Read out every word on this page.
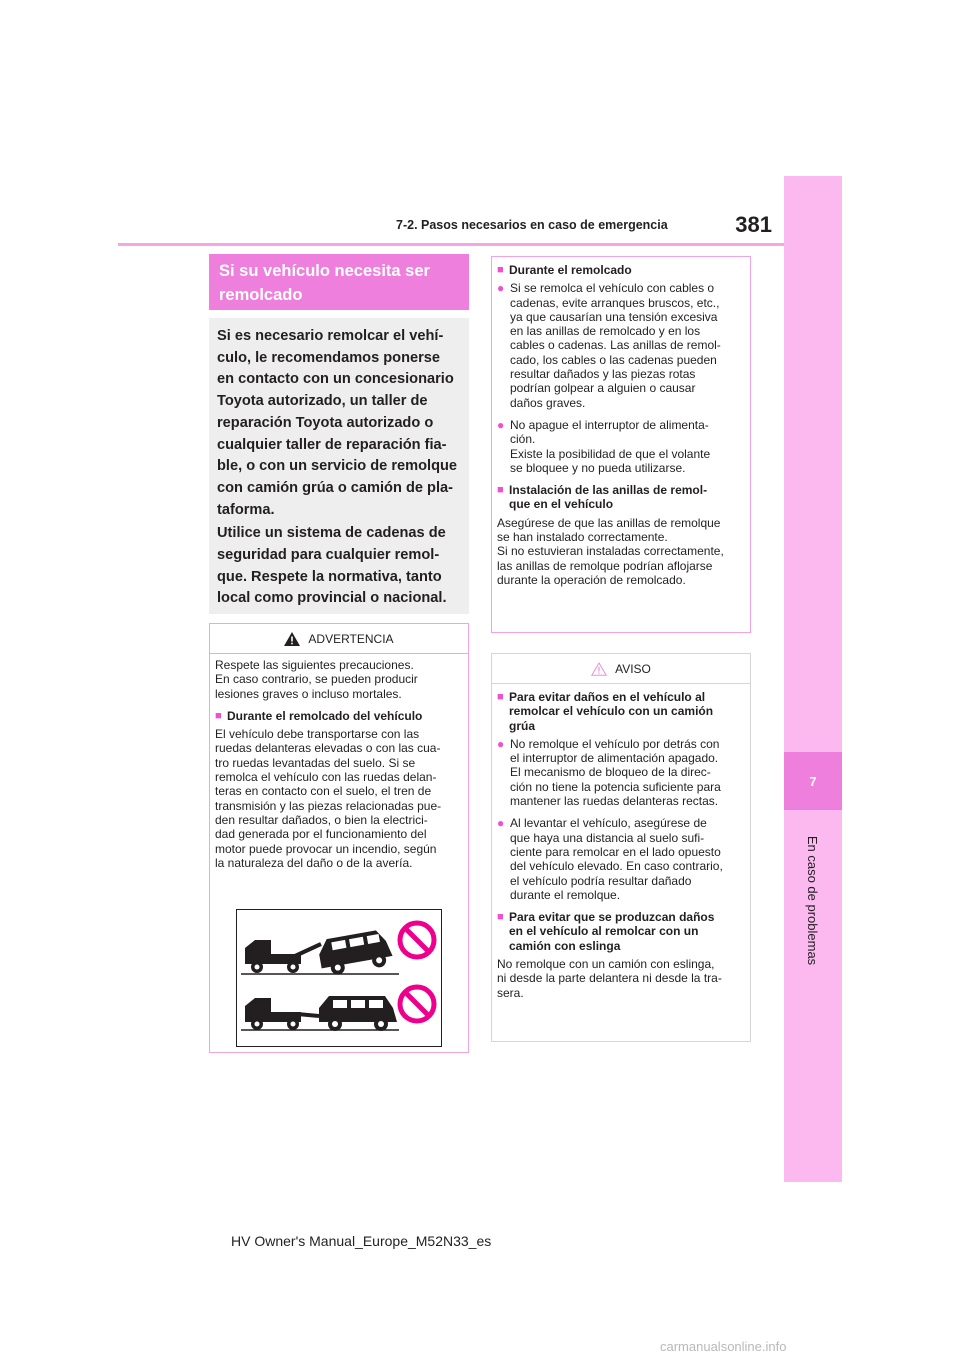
7-2. Pasos necesarios en caso de emergencia	381
7
En caso de problemas
Si su vehículo necesita ser remolcado

Si es necesario remolcar el vehí-
culo, le recomendamos ponerse
en contacto con un concesionario
Toyota autorizado, un taller de
reparación Toyota autorizado o
cualquier taller de reparación fia-
ble, o con un servicio de remolque
con camión grúa o camión de pla-
taforma.

Utilice un sistema de cadenas de
seguridad para cualquier remol-
que. Respete la normativa, tanto
local como provincial o nacional.

ADVERTENCIA
Respete las siguientes precauciones.
En caso contrario, se pueden producir
lesiones graves o incluso mortales.
■ Durante el remolcado del vehículo
El vehículo debe transportarse con las
ruedas delanteras elevadas o con las cua-
tro ruedas levantadas del suelo. Si se
remolca el vehículo con las ruedas delan-
teras en contacto con el suelo, el tren de
transmisión y las piezas relacionadas pue-
den resultar dañados, o bien la electrici-
dad generada por el funcionamiento del
motor puede provocar un incendio, según
la naturaleza del daño o de la avería.
■ Durante el remolcado
● Si se remolca el vehículo con cables o
cadenas, evite arranques bruscos, etc.,
ya que causarían una tensión excesiva
en las anillas de remolcado y en los
cables o cadenas. Las anillas de remol-
cado, los cables o las cadenas pueden
resultar dañados y las piezas rotas
podrían golpear a alguien o causar
daños graves.
● No apague el interruptor de alimenta-
ción.
Existe la posibilidad de que el volante
se bloquee y no pueda utilizarse.
■ Instalación de las anillas de remol-
que en el vehículo
Asegúrese de que las anillas de remolque
se han instalado correctamente.
Si no estuvieran instaladas correctamente,
las anillas de remolque podrían aflojarse
durante la operación de remolcado.
AVISO
■ Para evitar daños en el vehículo al
remolcar el vehículo con un camión
grúa
● No remolque el vehículo por detrás con
el interruptor de alimentación apagado.
El mecanismo de bloqueo de la direc-
ción no tiene la potencia suficiente para
mantener las ruedas delanteras rectas.
● Al levantar el vehículo, asegúrese de
que haya una distancia al suelo sufi-
ciente para remolcar en el lado opuesto
del vehículo elevado. En caso contrario,
el vehículo podría resultar dañado
durante el remolque.
■ Para evitar que se produzcan daños
en el vehículo al remolcar con un
camión con eslinga
No remolque con un camión con eslinga,
ni desde la parte delantera ni desde la tra-
sera.
HV Owner's Manual_Europe_M52N33_es
carmanualsonline.info
